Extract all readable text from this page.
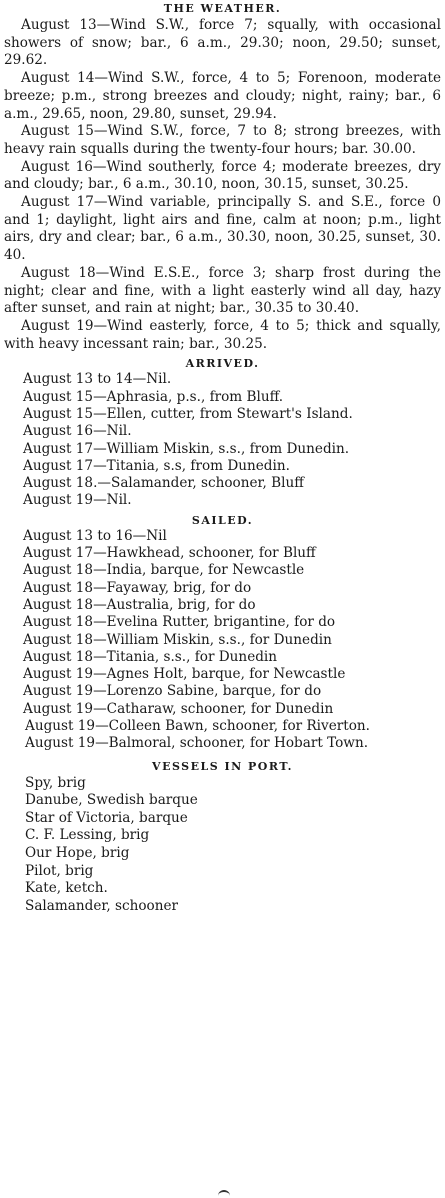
THE WEATHER.

August 13—Wind S.W., force 7; squally, with occasional showers of snow; bar., 6 a.m., 29.30; noon, 29.50; sunset, 29.62.

August 14—Wind S.W., force, 4 to 5; Forenoon, moderate breeze; p.m., strong breezes and cloudy; night, rainy; bar., 6 a.m., 29.65, noon, 29.80, sunset, 29.94.

August 15—Wind S.W., force, 7 to 8; strong breezes, with heavy rain squalls during the twenty-four hours; bar. 30.00.

August 16—Wind southerly, force 4; moderate breezes, dry and cloudy; bar., 6 a.m., 30.10, noon, 30.15, sunset, 30.25.

August 17—Wind variable, principally S. and S.E., force 0 and 1; daylight, light airs and fine, calm at noon; p.m., light airs, dry and clear; bar., 6 a.m., 30.30, noon, 30.25, sunset, 30. 40.

August 18—Wind E.S.E., force 3; sharp frost during the night; clear and fine, with a light easterly wind all day, hazy after sunset, and rain at night; bar., 30.35 to 30.40.

August 19—Wind easterly, force, 4 to 5; thick and squally, with heavy incessant rain; bar., 30.25.

ARRIVED.

August 13 to 14—Nil.

August 15—Aphrasia, p.s., from Bluff.

August 15—Ellen, cutter, from Stewart's Island.

August 16—Nil.

August 17—William Miskin, s.s., from Dunedin.

August 17—Titania, s.s, from Dunedin.

August 18.—Salamander, schooner, Bluff

August 19—Nil.

SAILED.

August 13 to 16—Nil

August 17—Hawkhead, schooner, for Bluff

August 18—India, barque, for Newcastle

August 18—Fayaway, brig, for do

August 18—Australia, brig, for do

August 18—Evelina Rutter, brigantine, for do

August 18—William Miskin, s.s., for Dunedin

August 18—Titania, s.s., for Dunedin

August 19—Agnes Holt, barque, for Newcastle

August 19—Lorenzo Sabine, barque, for do

August 19—Catharaw, schooner, for Dunedin

August 19—Colleen Bawn, schooner, for Riverton.

August 19—Balmoral, schooner, for Hobart Town.

VESSELS IN PORT.

Spy, brig

Danube, Swedish barque

Star of Victoria, barque

C. F. Lessing, brig

Our Hope, brig

Pilot, brig

Kate, ketch.

Salamander, schooner
